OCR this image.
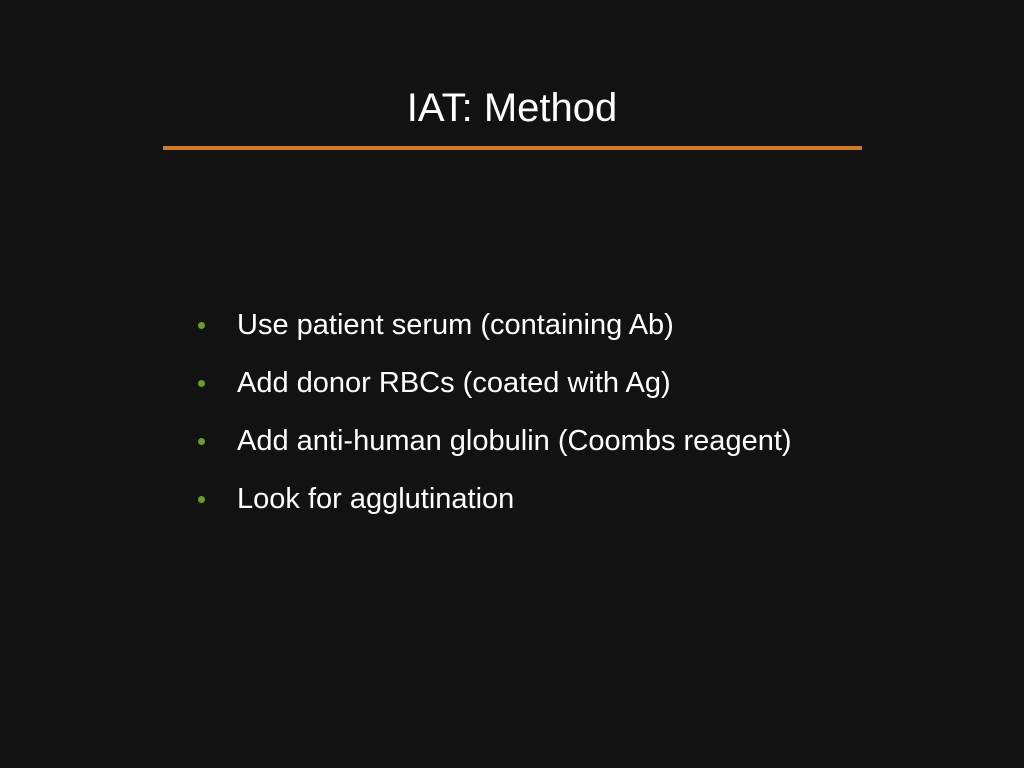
IAT: Method
Use patient serum (containing Ab)
Add donor RBCs (coated with Ag)
Add anti-human globulin (Coombs reagent)
Look for agglutination
